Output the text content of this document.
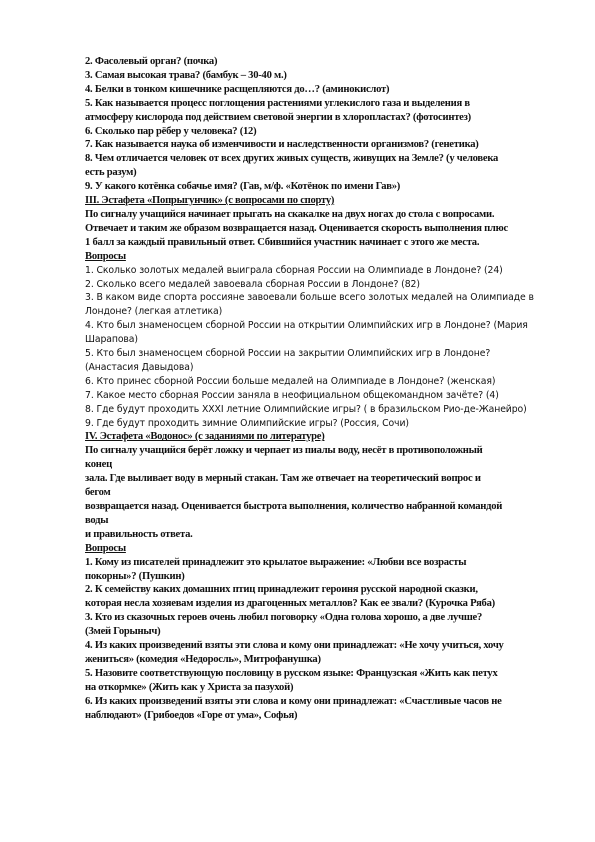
2. Фасолевый орган? (почка)
3. Самая высокая трава? (бамбук – 30-40 м.)
4. Белки в тонком кишечнике расщепляются до…? (аминокислот)
5. Как называется процесс поглощения растениями углекислого газа и выделения в
атмосферу кислорода под действием световой энергии в хлоропластах? (фотосинтез)
6. Сколько пар рёбер у человека? (12)
7. Как называется наука об изменчивости и наследственности организмов? (генетика)
8. Чем отличается человек от всех других живых существ, живущих на Земле? (у человека
есть разум)
9. У какого котёнка собачье имя? (Гав, м/ф. «Котёнок по имени Гав»)
III. Эстафета «Попрыгунчик» (с вопросами по спорту)
По сигналу учащийся начинает прыгать на скакалке на двух ногах до стола с вопросами.
Отвечает и таким же образом возвращается назад. Оценивается скорость выполнения плюс
1 балл за каждый правильный ответ. Сбившийся участник начинает с этого же места.
Вопросы
1. Сколько золотых медалей выиграла сборная России на Олимпиаде в Лондоне? (24)
2. Сколько всего медалей завоевала сборная России в Лондоне? (82)
3. В каком виде спорта россияне завоевали больше всего золотых медалей на Олимпиаде в
Лондоне? (легкая атлетика)
4. Кто был знаменосцем сборной России на открытии Олимпийских игр в Лондоне? (Мария
Шарапова)
5. Кто был знаменосцем сборной России на закрытии Олимпийских игр в Лондоне?
(Анастасия Давыдова)
6. Кто принес сборной России больше медалей на Олимпиаде в Лондоне? (женская)
7. Какое место сборная России заняла в неофициальном общекомандном зачёте? (4)
8. Где будут проходить XXXI летние Олимпийские игры? ( в бразильском Рио-де-Жанейро)
9. Где будут проходить зимние Олимпийские игры? (Россия, Сочи)
IV. Эстафета «Водонос» (с заданиями по литературе)
По сигналу учащийся берёт ложку и черпает из пиалы воду, несёт в противоположный
конец
зала. Где выливает воду в мерный стакан. Там же отвечает на теоретический вопрос и
бегом
возвращается назад. Оценивается быстрота выполнения, количество набранной командой
воды
и правильность ответа.
Вопросы
1. Кому из писателей принадлежит это крылатое выражение: «Любви все возрасты
покорны»? (Пушкин)
2. К семейству каких домашних птиц принадлежит героиня русской народной сказки,
которая несла хозяевам изделия из драгоценных металлов? Как ее звали? (Курочка Ряба)
3. Кто из сказочных героев очень любил поговорку «Одна голова хорошо, а две лучше?
(Змей Горыныч)
4. Из каких произведений взяты эти слова и кому они принадлежат: «Не хочу учиться, хочу
жениться» (комедия «Недоросль», Митрофанушка)
5. Назовите соответствующую пословицу в русском языке: Французская «Жить как петух
на откормке» (Жить как у Христа за пазухой)
6. Из каких произведений взяты эти слова и кому они принадлежат: «Счастливые часов не
наблюдают» (Грибоедов «Горе от ума», Софья)
